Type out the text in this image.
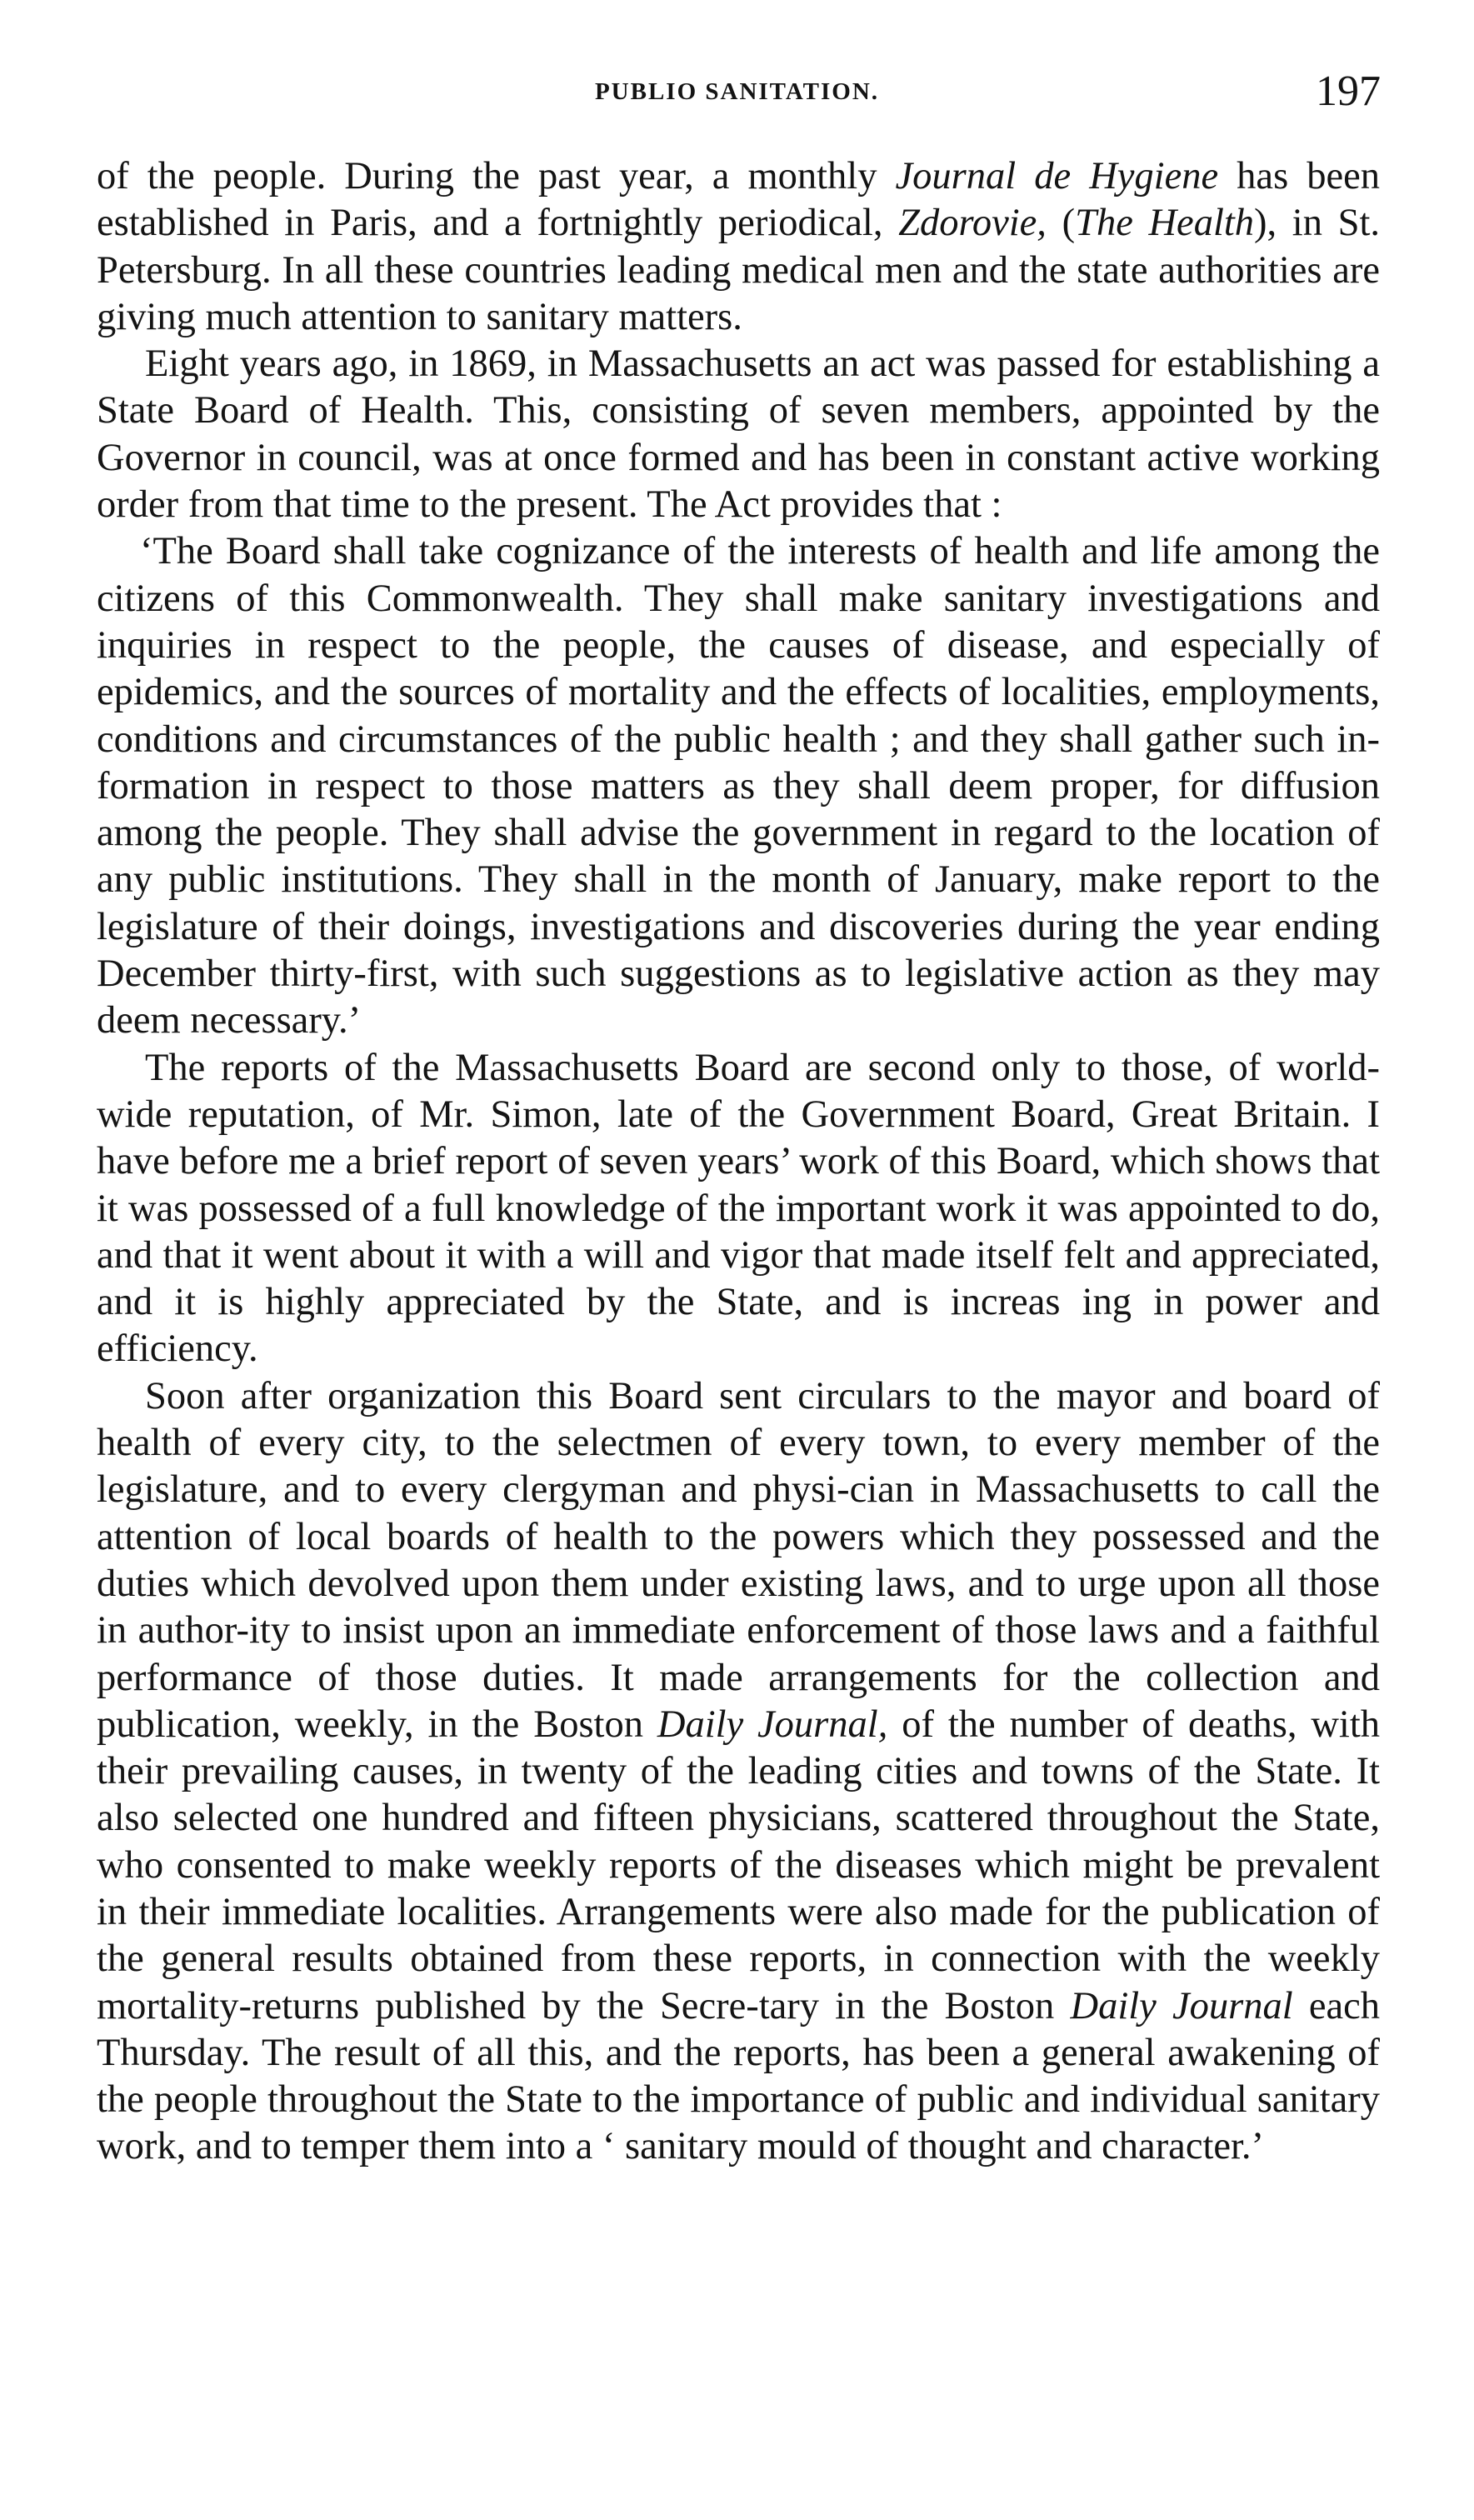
PUBLIO SANITATION.	197

of the people. During the past year, a monthly Journal de Hygiene has been established in Paris, and a fortnightly periodical, Zdorovie, (The Health), in St. Petersburg. In all these countries leading medical men and the state authorities are giving much attention to sanitary matters.

Eight years ago, in 1869, in Massachusetts an act was passed for establishing a State Board of Health. This, consisting of seven members, appointed by the Governor in council, was at once formed and has been in constant active working order from that time to the present. The Act provides that :

‘The Board shall take cognizance of the interests of health and life among the citizens of this Commonwealth. They shall make sanitary investigations and inquiries in respect to the people, the causes of disease, and especially of epidemics, and the sources of mortality and the effects of localities, employments, conditions and circumstances of the public health ; and they shall gather such in-formation in respect to those matters as they shall deem proper, for diffusion among the people. They shall advise the government in regard to the location of any public institutions. They shall in the month of January, make report to the legislature of their doings, investigations and discoveries during the year ending December thirty-first, with such suggestions as to legislative action as they may deem necessary.’

The reports of the Massachusetts Board are second only to those, of world-wide reputation, of Mr. Simon, late of the Government Board, Great Britain. I have before me a brief report of seven years’ work of this Board, which shows that it was possessed of a full knowledge of the important work it was appointed to do, and that it went about it with a will and vigor that made itself felt and appreciated, and it is highly appreciated by the State, and is increas ing in power and efficiency.

Soon after organization this Board sent circulars to the mayor and board of health of every city, to the selectmen of every town, to every member of the legislature, and to every clergyman and physi-cian in Massachusetts to call the attention of local boards of health to the powers which they possessed and the duties which devolved upon them under existing laws, and to urge upon all those in author-ity to insist upon an immediate enforcement of those laws and a faithful performance of those duties. It made arrangements for the collection and publication, weekly, in the Boston Daily Journal, of the number of deaths, with their prevailing causes, in twenty of the leading cities and towns of the State. It also selected one hundred and fifteen physicians, scattered throughout the State, who consented to make weekly reports of the diseases which might be prevalent in their immediate localities. Arrangements were also made for the publication of the general results obtained from these reports, in connection with the weekly mortality-returns published by the Secre-tary in the Boston Daily Journal each Thursday. The result of all this, and the reports, has been a general awakening of the people throughout the State to the importance of public and individual sanitary work, and to temper them into a ‘ sanitary mould of thought and character.’
